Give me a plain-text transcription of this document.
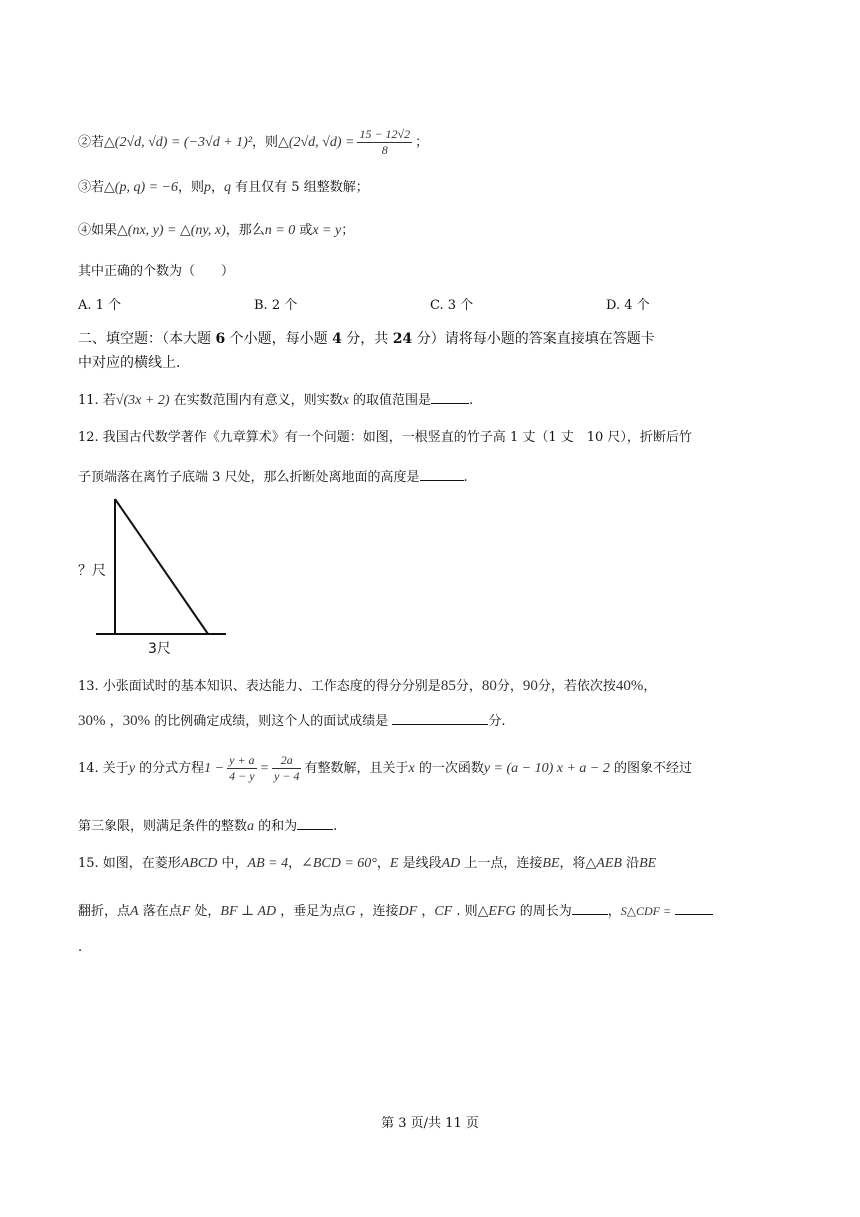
②若△(2√d, √d) = (−3√d + 1)²，则△(2√d, $√d) = \frac{15 - 12√2}{8}$ ；
③若△(p, q) = −6，则p，q 有且仅有 5 组整数解；
④如果△(nx, y) = △(ny, x)，那么n = 0 或x = y；
其中正确的个数为（　　）
A. 1 个	B. 2 个	C. 3 个	D. 4 个
二、填空题：（本大题 6 个小题，每小题 4 分，共 24 分）请将每小题的答案直接填在答题卡
中对应的横线上．
11. 若√(3x + 2) 在实数范围内有意义，则实数x 的取值范围是	.
12. 我国古代数学著作《九章算术》有一个问题：如图，一根竖直的竹子高 1 丈（1 丈　10 尺），折断后竹
子顶端落在离竹子底端 3 尺处，那么折断处离地面的高度是	.
？尺
3尺
13. 小张面试时的基本知识、表达能力、工作态度的得分分别是85分，80分，90分，若依次按40%，
30% ，30% 的比例确定成绩，则这个人的面试成绩是	分.
14. 关于y 的分式方程$1 - \frac{y + a}{4 - y} = \frac{2a}{y - 4}$ 有整数解，且关于x 的一次函数y = (a − 10) x + a − 2 的图象不经过
第三象限，则满足条件的整数a 的和为	.
15. 如图，在菱形ABCD 中，AB = 4，∠BCD = 60°，E 是线段AD 上一点，连接BE，将△AEB 沿BE
翻折，点A 落在点F 处，BF ⊥ AD ，垂足为点G ，连接DF ，CF . 则△EFG 的周长为	，S△CDF =
.
第 3 页/共 11 页
